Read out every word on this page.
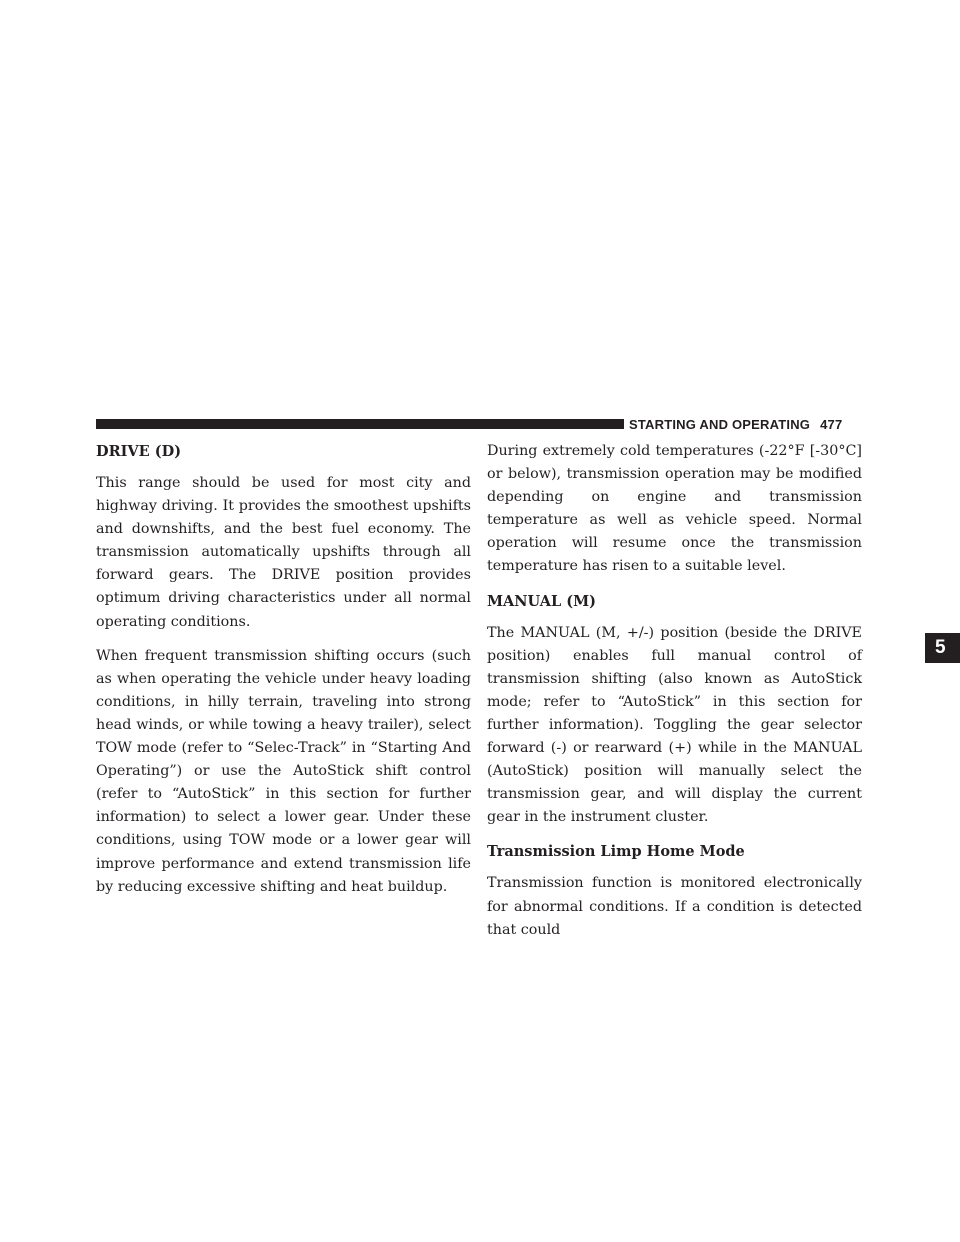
STARTING AND OPERATING 477
5
DRIVE (D)

This range should be used for most city and highway driving. It provides the smoothest upshifts and downshifts, and the best fuel economy. The transmission automatically upshifts through all forward gears. The DRIVE position provides optimum driving characteristics under all normal operating conditions.

When frequent transmission shifting occurs (such as when operating the vehicle under heavy loading conditions, in hilly terrain, traveling into strong head winds, or while towing a heavy trailer), select TOW mode (refer to “Selec-Track” in “Starting And Operating”) or use the AutoStick shift control (refer to “AutoStick” in this section for further information) to select a lower gear. Under these conditions, using TOW mode or a lower gear will improve performance and extend transmission life by reducing excessive shifting and heat buildup.

During extremely cold temperatures (-22°F [-30°C] or below), transmission operation may be modified depending on engine and transmission temperature as well as vehicle speed. Normal operation will resume once the transmission temperature has risen to a suitable level.

MANUAL (M)

The MANUAL (M, +/-) position (beside the DRIVE position) enables full manual control of transmission shifting (also known as AutoStick mode; refer to “AutoStick” in this section for further information). Toggling the gear selector forward (-) or rearward (+) while in the MANUAL (AutoStick) position will manually select the transmission gear, and will display the current gear in the instrument cluster.

Transmission Limp Home Mode

Transmission function is monitored electronically for abnormal conditions. If a condition is detected that could
